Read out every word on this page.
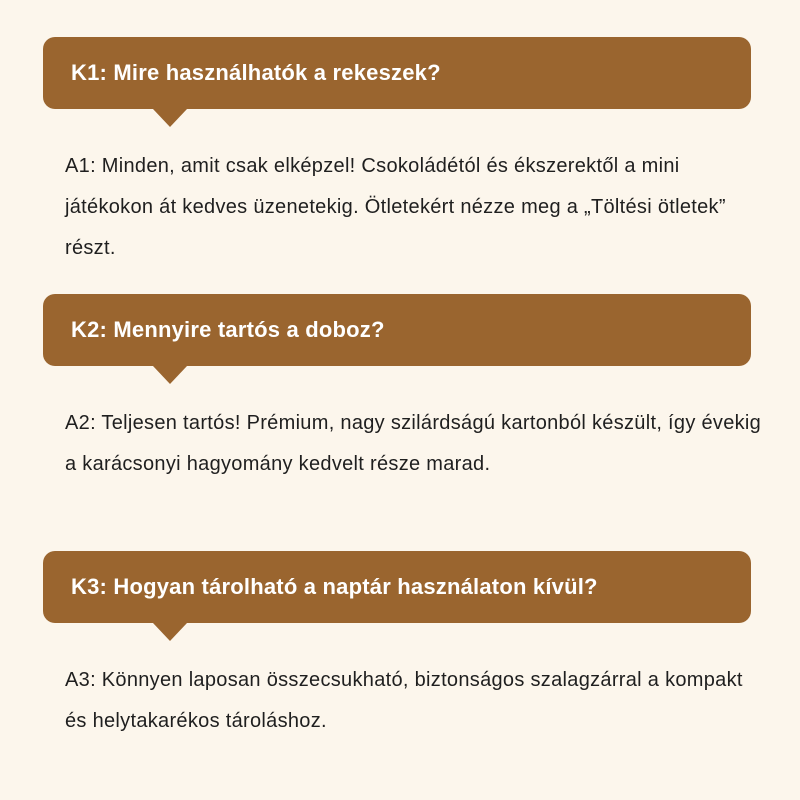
K1: Mire használhatók a rekeszek?

A1: Minden, amit csak elképzel! Csokoládétól és ékszerektől a mini játékokon át kedves üzenetekig. Ötletekért nézze meg a „Töltési ötletek” részt.

K2: Mennyire tartós a doboz?

A2: Teljesen tartós! Prémium, nagy szilárdságú kartonból készült, így évekig a karácsonyi hagyomány kedvelt része marad.

K3: Hogyan tárolható a naptár használaton kívül?

A3: Könnyen laposan összecsukható, biztonságos szalagzárral a kompakt és helytakarékos tároláshoz.
